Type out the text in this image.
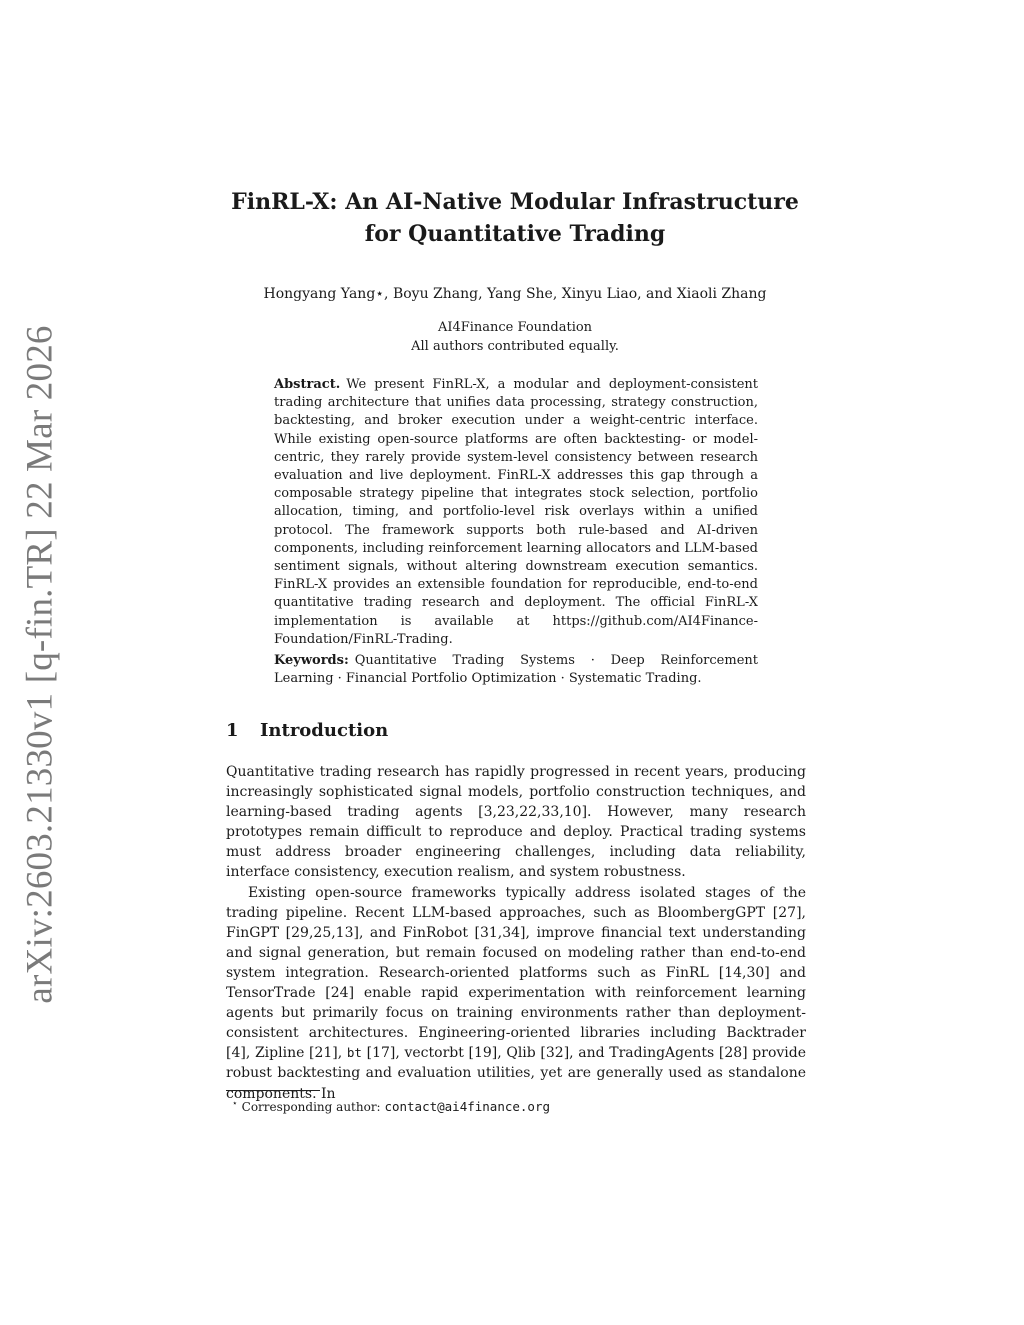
arXiv:2603.21330v1 [q-fin.TR] 22 Mar 2026
FinRL-X: An AI-Native Modular Infrastructure
for Quantitative Trading
Hongyang Yang⋆, Boyu Zhang, Yang She, Xinyu Liao, and Xiaoli Zhang
AI4Finance Foundation
All authors contributed equally.

Abstract. We present FinRL-X, a modular and deployment-consistent trading architecture that unifies data processing, strategy construction, backtesting, and broker execution under a weight-centric interface. While existing open-source platforms are often backtesting- or model-centric, they rarely provide system-level consistency between research evaluation and live deployment. FinRL-X addresses this gap through a composable strategy pipeline that integrates stock selection, portfolio allocation, timing, and portfolio-level risk overlays within a unified protocol. The framework supports both rule-based and AI-driven components, including reinforcement learning allocators and LLM-based sentiment signals, without altering downstream execution semantics. FinRL-X provides an extensible foundation for reproducible, end-to-end quantitative trading research and deployment. The official FinRL-X implementation is available at https://github.com/AI4Finance-Foundation/FinRL-Trading.

Keywords: Quantitative Trading Systems · Deep Reinforcement Learning · Financial Portfolio Optimization · Systematic Trading.

1 Introduction

Quantitative trading research has rapidly progressed in recent years, producing increasingly sophisticated signal models, portfolio construction techniques, and learning-based trading agents [3,23,22,33,10]. However, many research prototypes remain difficult to reproduce and deploy. Practical trading systems must address broader engineering challenges, including data reliability, interface consistency, execution realism, and system robustness.

Existing open-source frameworks typically address isolated stages of the trading pipeline. Recent LLM-based approaches, such as BloombergGPT [27], FinGPT [29,25,13], and FinRobot [31,34], improve financial text understanding and signal generation, but remain focused on modeling rather than end-to-end system integration. Research-oriented platforms such as FinRL [14,30] and TensorTrade [24] enable rapid experimentation with reinforcement learning agents but primarily focus on training environments rather than deployment-consistent architectures. Engineering-oriented libraries including Backtrader [4], Zipline [21], bt [17], vectorbt [19], Qlib [32], and TradingAgents [28] provide robust backtesting and evaluation utilities, yet are generally used as standalone components. In

⋆ Corresponding author: contact@ai4finance.org
